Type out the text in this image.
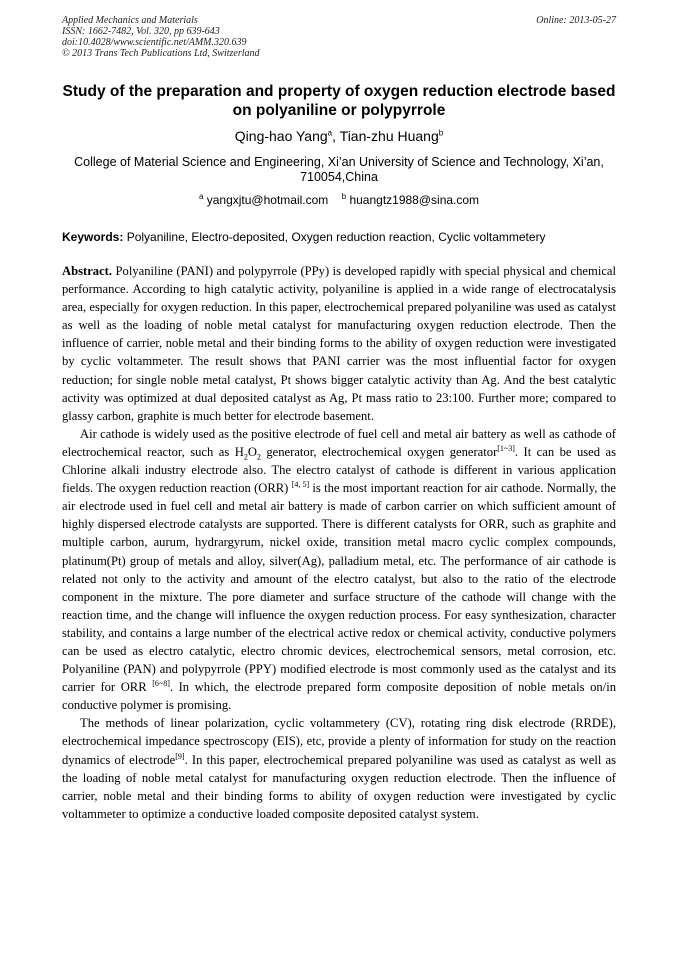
Applied Mechanics and Materials
ISSN: 1662-7482, Vol. 320, pp 639-643
doi:10.4028/www.scientific.net/AMM.320.639
© 2013 Trans Tech Publications Ltd, Switzerland
Online: 2013-05-27
Study of the preparation and property of oxygen reduction electrode based on polyaniline or polypyrrole
Qing-hao Yang$^a$, Tian-zhu Huang$^b$
College of Material Science and Engineering, Xi’an University of Science and Technology, Xi’an, 710054,China
$^a$ yangxjtu@hotmail.com $^b$ huangtz1988@sina.com
Keywords: Polyaniline, Electro-deposited, Oxygen reduction reaction, Cyclic voltammetery

Abstract. Polyaniline (PANI) and polypyrrole (PPy) is developed rapidly with special physical and chemical performance. According to high catalytic activity, polyaniline is applied in a wide range of electrocatalysis area, especially for oxygen reduction. In this paper, electrochemical prepared polyaniline was used as catalyst as well as the loading of noble metal catalyst for manufacturing oxygen reduction electrode. Then the influence of carrier, noble metal and their binding forms to the ability of oxygen reduction were investigated by cyclic voltammeter. The result shows that PANI carrier was the most influential factor for oxygen reduction; for single noble metal catalyst, Pt shows bigger catalytic activity than Ag. And the best catalytic activity was optimized at dual deposited catalyst as Ag, Pt mass ratio to 23:100. Further more; compared to glassy carbon, graphite is much better for electrode basement.

Air cathode is widely used as the positive electrode of fuel cell and metal air battery as well as cathode of electrochemical reactor, such as $H_2O_2$ generator, electrochemical oxygen generator[1~3]. It can be used as Chlorine alkali industry electrode also. The electro catalyst of cathode is different in various application fields. The oxygen reduction reaction (ORR) [4, 5] is the most important reaction for air cathode. Normally, the air electrode used in fuel cell and metal air battery is made of carbon carrier on which sufficient amount of highly dispersed electrode catalysts are supported. There is different catalysts for ORR, such as graphite and multiple carbon, aurum, hydrargyrum, nickel oxide, transition metal macro cyclic complex compounds, platinum(Pt) group of metals and alloy, silver(Ag), palladium metal, etc. The performance of air cathode is related not only to the activity and amount of the electro catalyst, but also to the ratio of the electrode component in the mixture. The pore diameter and surface structure of the cathode will change with the reaction time, and the change will influence the oxygen reduction process. For easy synthesization, character stability, and contains a large number of the electrical active redox or chemical activity, conductive polymers can be used as electro catalytic, electro chromic devices, electrochemical sensors, metal corrosion, etc. Polyaniline (PAN) and polypyrrole (PPY) modified electrode is most commonly used as the catalyst and its carrier for ORR [6~8]. In which, the electrode prepared form composite deposition of noble metals on/in conductive polymer is promising.

The methods of linear polarization, cyclic voltammetery (CV), rotating ring disk electrode (RRDE), electrochemical impedance spectroscopy (EIS), etc, provide a plenty of information for study on the reaction dynamics of electrode[9]. In this paper, electrochemical prepared polyaniline was used as catalyst as well as the loading of noble metal catalyst for manufacturing oxygen reduction electrode. Then the influence of carrier, noble metal and their binding forms to ability of oxygen reduction were investigated by cyclic voltammeter to optimize a conductive loaded composite deposited catalyst system.
